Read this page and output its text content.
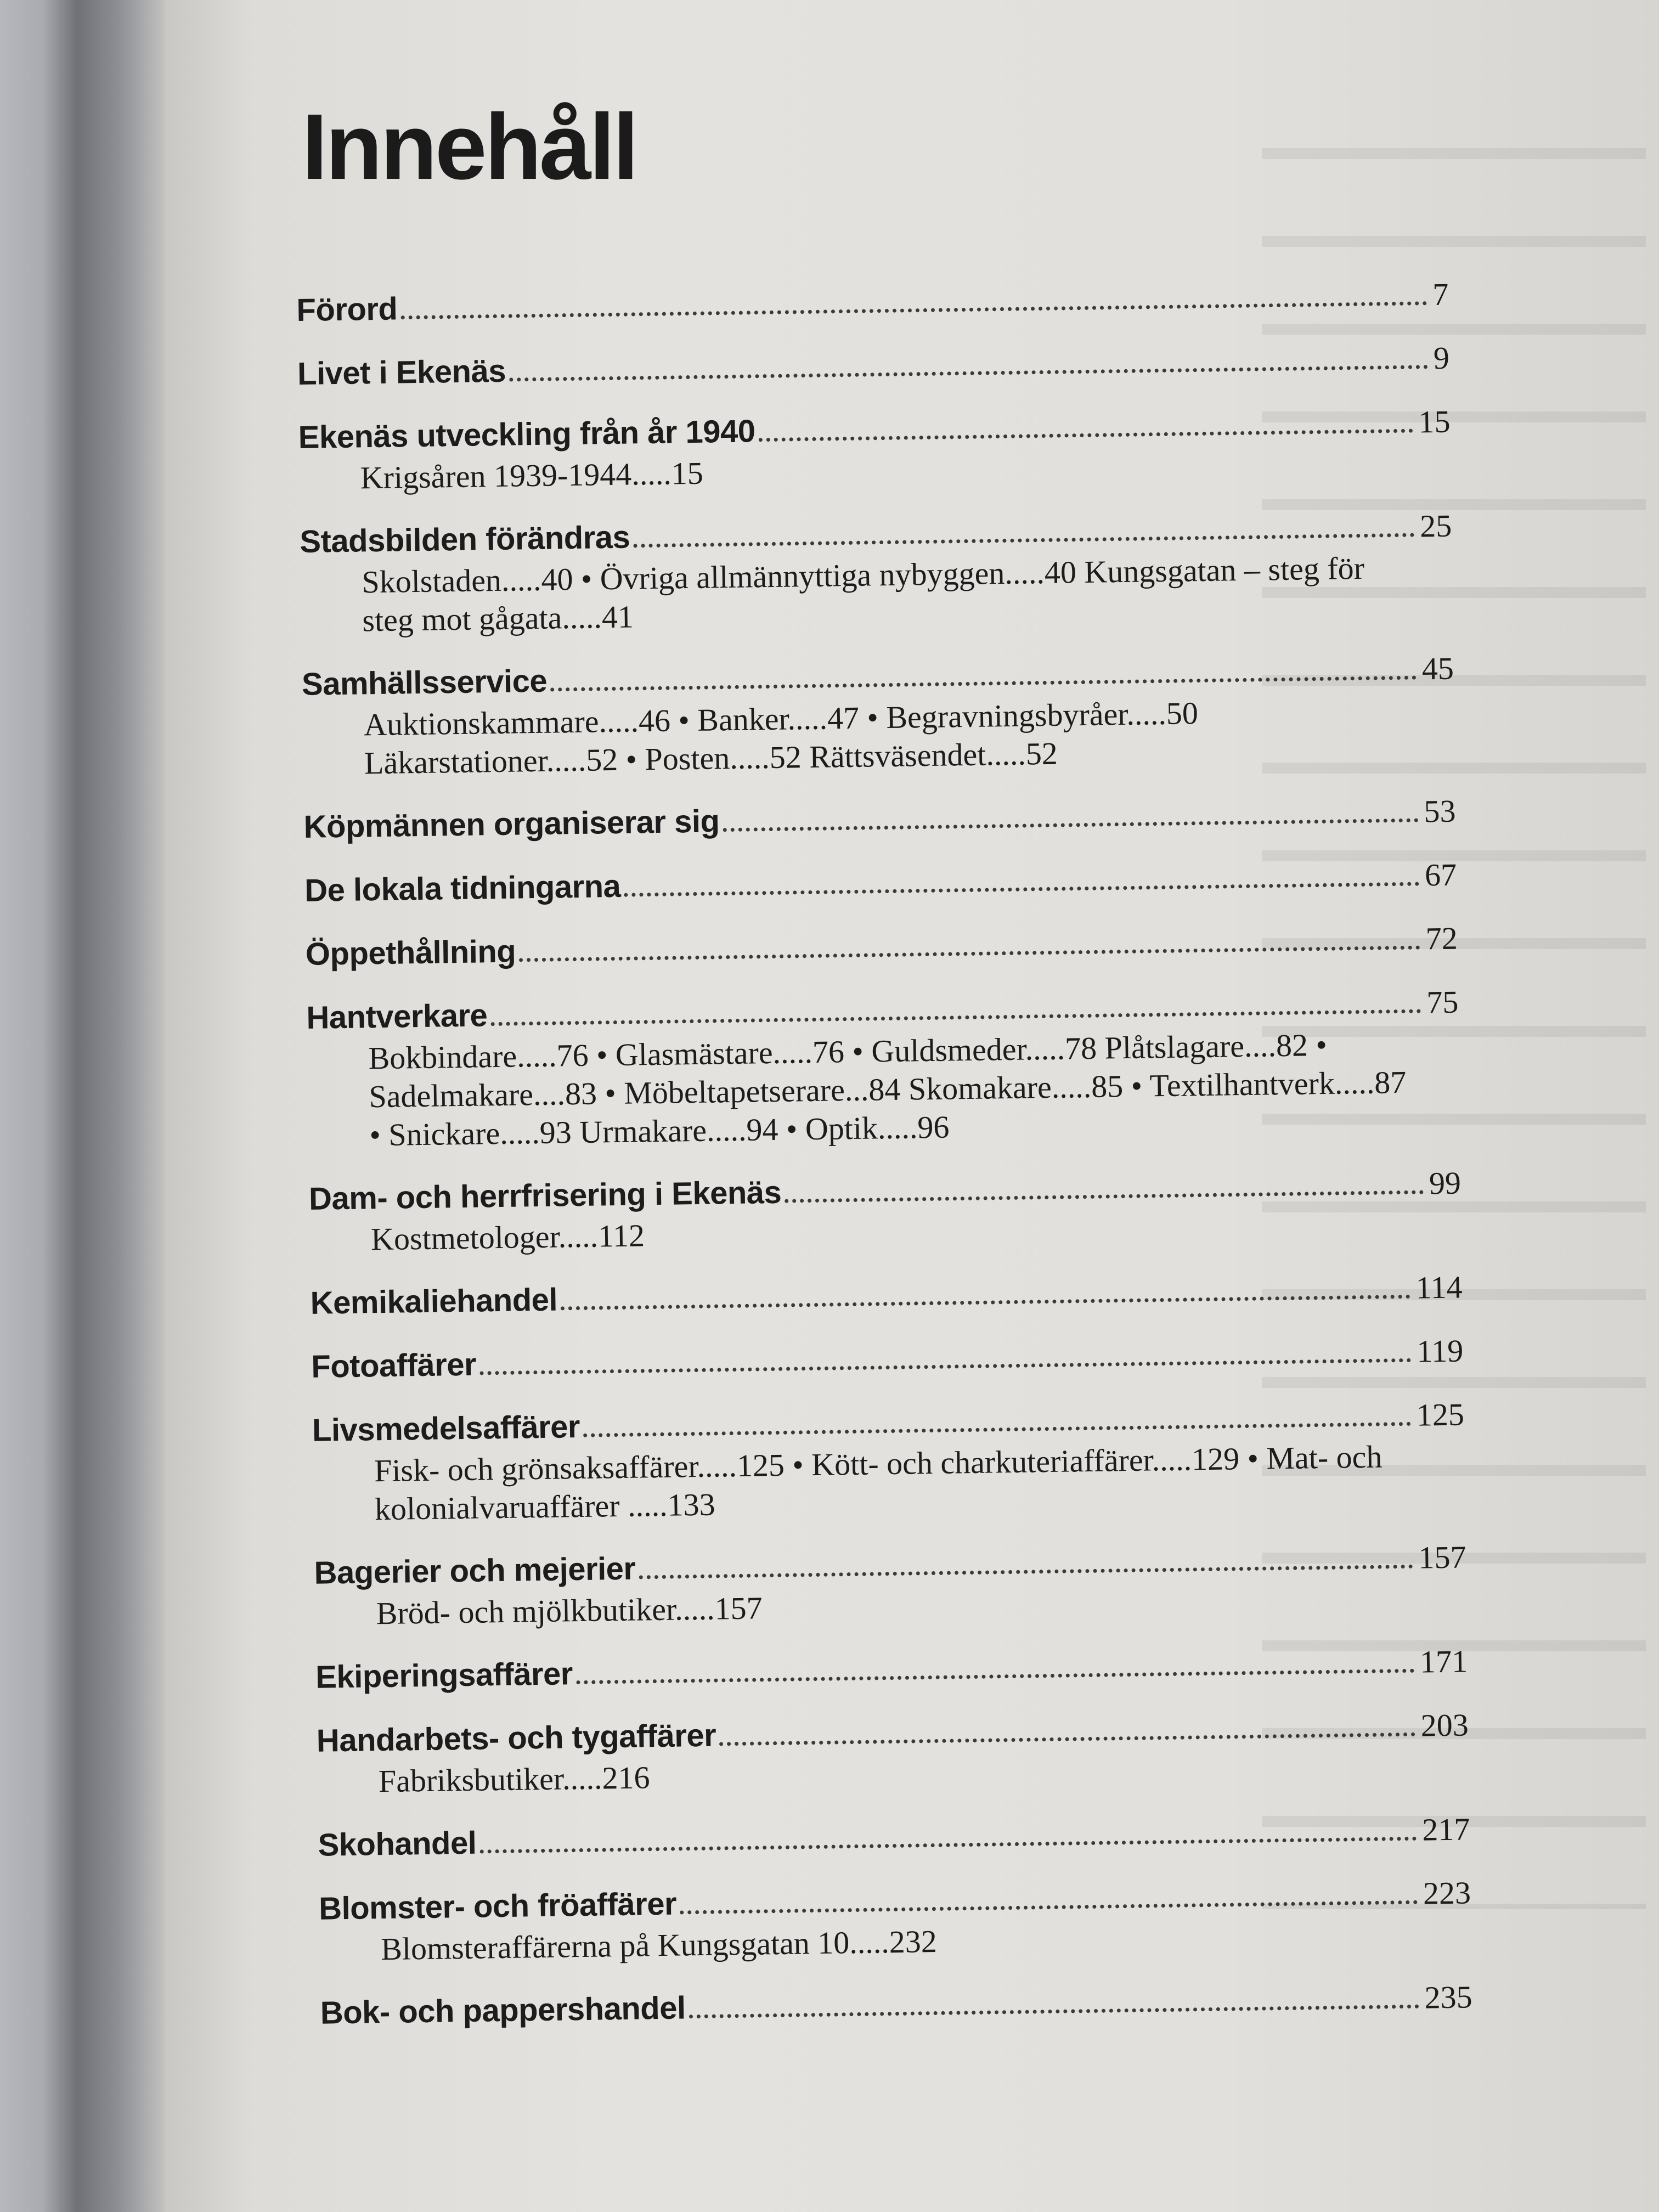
Innehåll
Förord	7
Livet i Ekenäs	9
Ekenäs utveckling från år 1940	15
Krigsåren 1939-1944.....15
Stadsbilden förändras	25
Skolstaden.....40 • Övriga allmännyttiga nybyggen.....40 Kungsgatan – steg för steg mot gågata.....41
Samhällsservice	45
Auktionskammare.....46 • Banker.....47 • Begravningsbyråer.....50 Läkarstationer.....52 • Posten.....52 Rättsväsendet.....52
Köpmännen organiserar sig	53
De lokala tidningarna	67
Öppethållning	72
Hantverkare	75
Bokbindare.....76 • Glasmästare.....76 • Guldsmeder.....78 Plåtslagare....82 • Sadelmakare....83 • Möbeltapetserare...84 Skomakare.....85 • Textilhantverk.....87 • Snickare.....93 Urmakare.....94 • Optik.....96
Dam- och herrfrisering i Ekenäs	99
Kostmetologer.....112
Kemikaliehandel	114
Fotoaffärer	119
Livsmedelsaffärer	125
Fisk- och grönsaksaffärer.....125 • Kött- och charkuteriaffärer.....129 • Mat- och kolonialvaruaffärer .....133
Bagerier och mejerier	157
Bröd- och mjölkbutiker.....157
Ekiperingsaffärer	171
Handarbets- och tygaffärer	203
Fabriksbutiker.....216
Skohandel	217
Blomster- och fröaffärer	223
Blomsteraffärerna på Kungsgatan 10.....232
Bok- och pappershandel	235
